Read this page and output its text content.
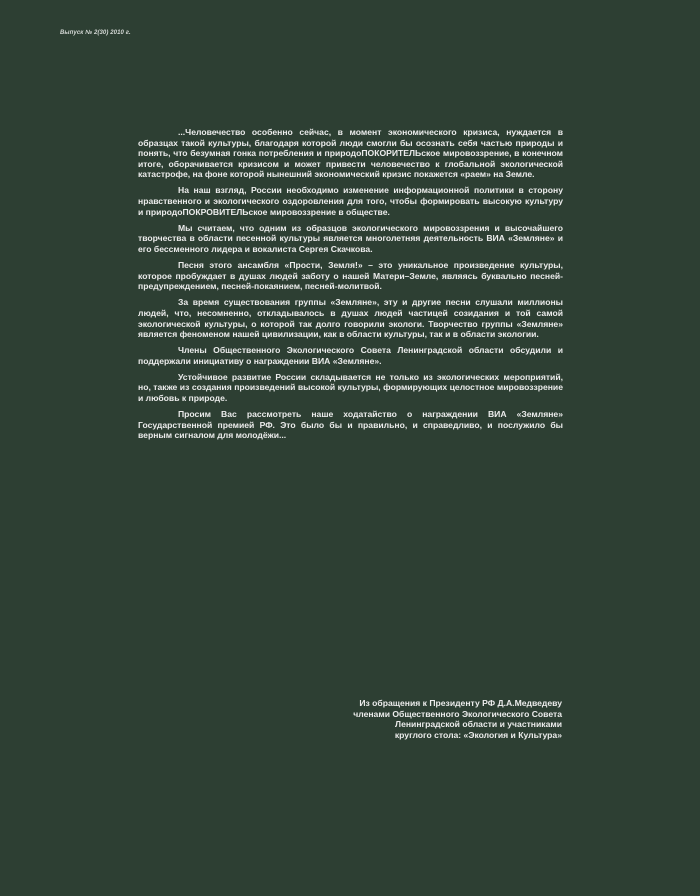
Выпуск № 2(30) 2010 г.

...Человечество особенно сейчас, в момент экономического кризиса, нуждается в образцах такой культуры, благодаря которой люди смогли бы осознать себя частью природы и понять, что безумная гонка потребления и природоПОКОРИТЕЛЬское мировоззрение, в конечном итоге, оборачивается кризисом и может привести человечество к глобальной экологической катастрофе, на фоне которой нынешний экономический кризис покажется «раем» на Земле.

На наш взгляд, России необходимо изменение информационной политики в сторону нравственного и экологического оздоровления для того, чтобы формировать высокую культуру и природоПОКРОВИТЕЛЬское мировоззрение в обществе.

Мы считаем, что одним из образцов экологического мировоззрения и высочайшего творчества в области песенной культуры является многолетняя деятельность ВИА «Земляне» и его бессменного лидера и вокалиста Сергея Скачкова.

Песня этого ансамбля «Прости, Земля!» – это уникальное произведение культуры, которое пробуждает в душах людей заботу о нашей Матери–Земле, являясь буквально песней-предупреждением, песней-покаянием, песней-молитвой.

За время существования группы «Земляне», эту и другие песни слушали миллионы людей, что, несомненно, откладывалось в душах людей частицей созидания и той самой экологической культуры, о которой так долго говорили экологи. Творчество группы «Земляне» является феноменом нашей цивилизации, как в области культуры, так и в области экологии.

Члены Общественного Экологического Совета Ленинградской области обсудили и поддержали инициативу о награждении ВИА «Земляне».

Устойчивое развитие России складывается не только из экологических мероприятий, но, также из создания произведений высокой культуры, формирующих целостное мировоззрение и любовь к природе.

Просим Вас рассмотреть наше ходатайство о награждении ВИА «Земляне» Государственной премией РФ. Это было бы и правильно, и справедливо, и послужило бы верным сигналом для молодёжи...

Из обращения к Президенту РФ Д.А.Медведеву
членами Общественного Экологического Совета
Ленинградской области и участниками
круглого стола: «Экология и Культура»
